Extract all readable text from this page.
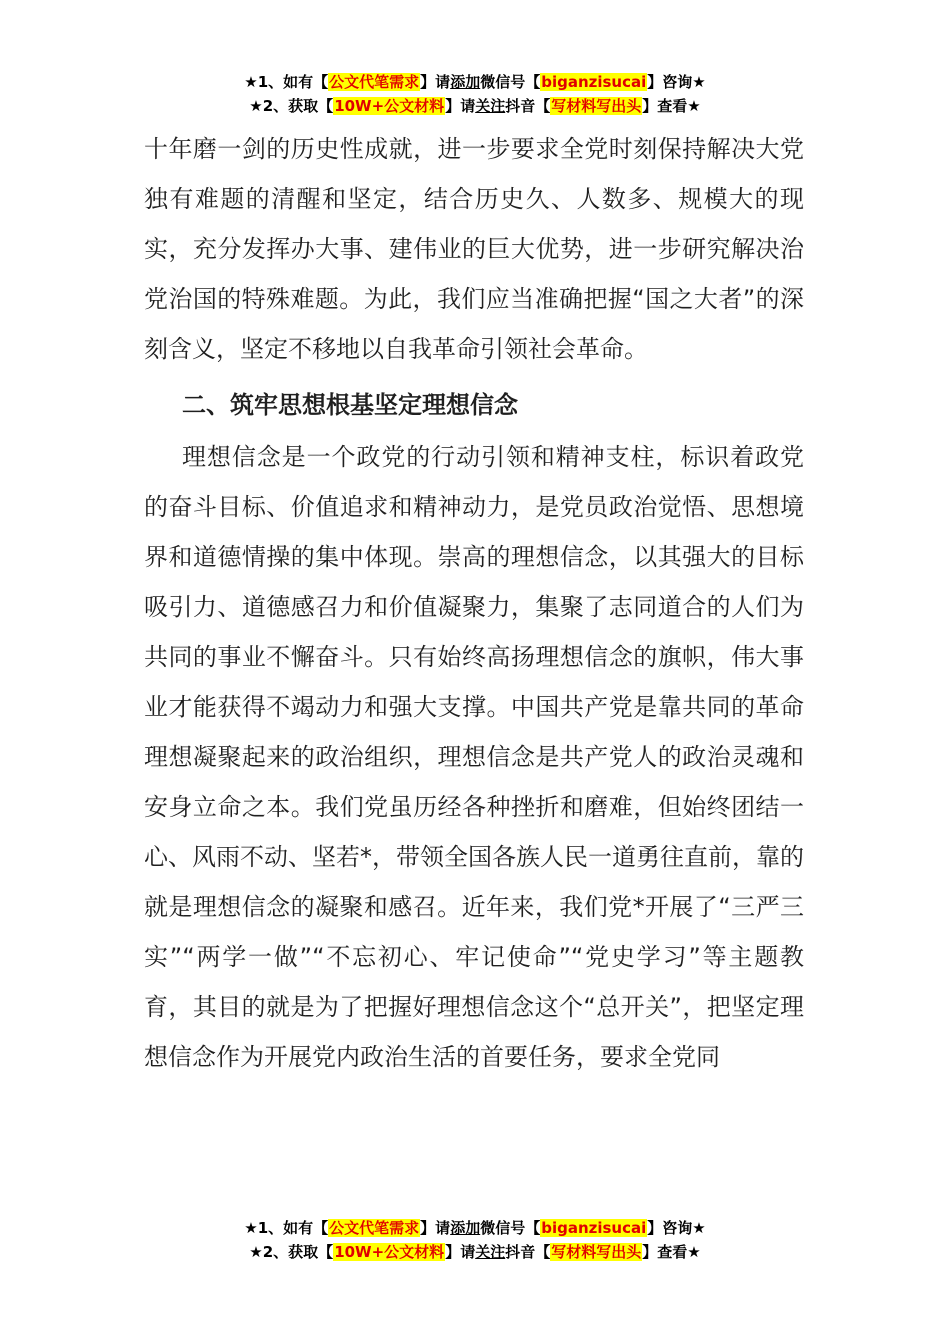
★1、如有【公文代笔需求】请添加微信号【biganzisucai】咨询★
★2、获取【10W+公文材料】请关注抖音【写材料写出头】查看★

十年磨一剑的历史性成就，进一步要求全党时刻保持解决大党独有难题的清醒和坚定，结合历史久、人数多、规模大的现实，充分发挥办大事、建伟业的巨大优势，进一步研究解决治党治国的特殊难题。为此，我们应当准确把握“国之大者”的深刻含义，坚定不移地以自我革命引领社会革命。

二、筑牢思想根基坚定理想信念

理想信念是一个政党的行动引领和精神支柱，标识着政党的奋斗目标、价值追求和精神动力，是党员政治觉悟、思想境界和道德情操的集中体现。崇高的理想信念，以其强大的目标吸引力、道德感召力和价值凝聚力，集聚了志同道合的人们为共同的事业不懈奋斗。只有始终高扬理想信念的旗帜，伟大事业才能获得不竭动力和强大支撑。中国共产党是靠共同的革命理想凝聚起来的政治组织，理想信念是共产党人的政治灵魂和安身立命之本。我们党虽历经各种挫折和磨难，但始终团结一心、风雨不动、坚若*，带领全国各族人民一道勇往直前，靠的就是理想信念的凝聚和感召。近年来，我们党*开展了“三严三实”“两学一做”“不忘初心、牢记使命”“党史学习”等主题教育，其目的就是为了把握好理想信念这个“总开关”，把坚定理想信念作为开展党内政治生活的首要任务，要求全党同

★1、如有【公文代笔需求】请添加微信号【biganzisucai】咨询★
★2、获取【10W+公文材料】请关注抖音【写材料写出头】查看★
